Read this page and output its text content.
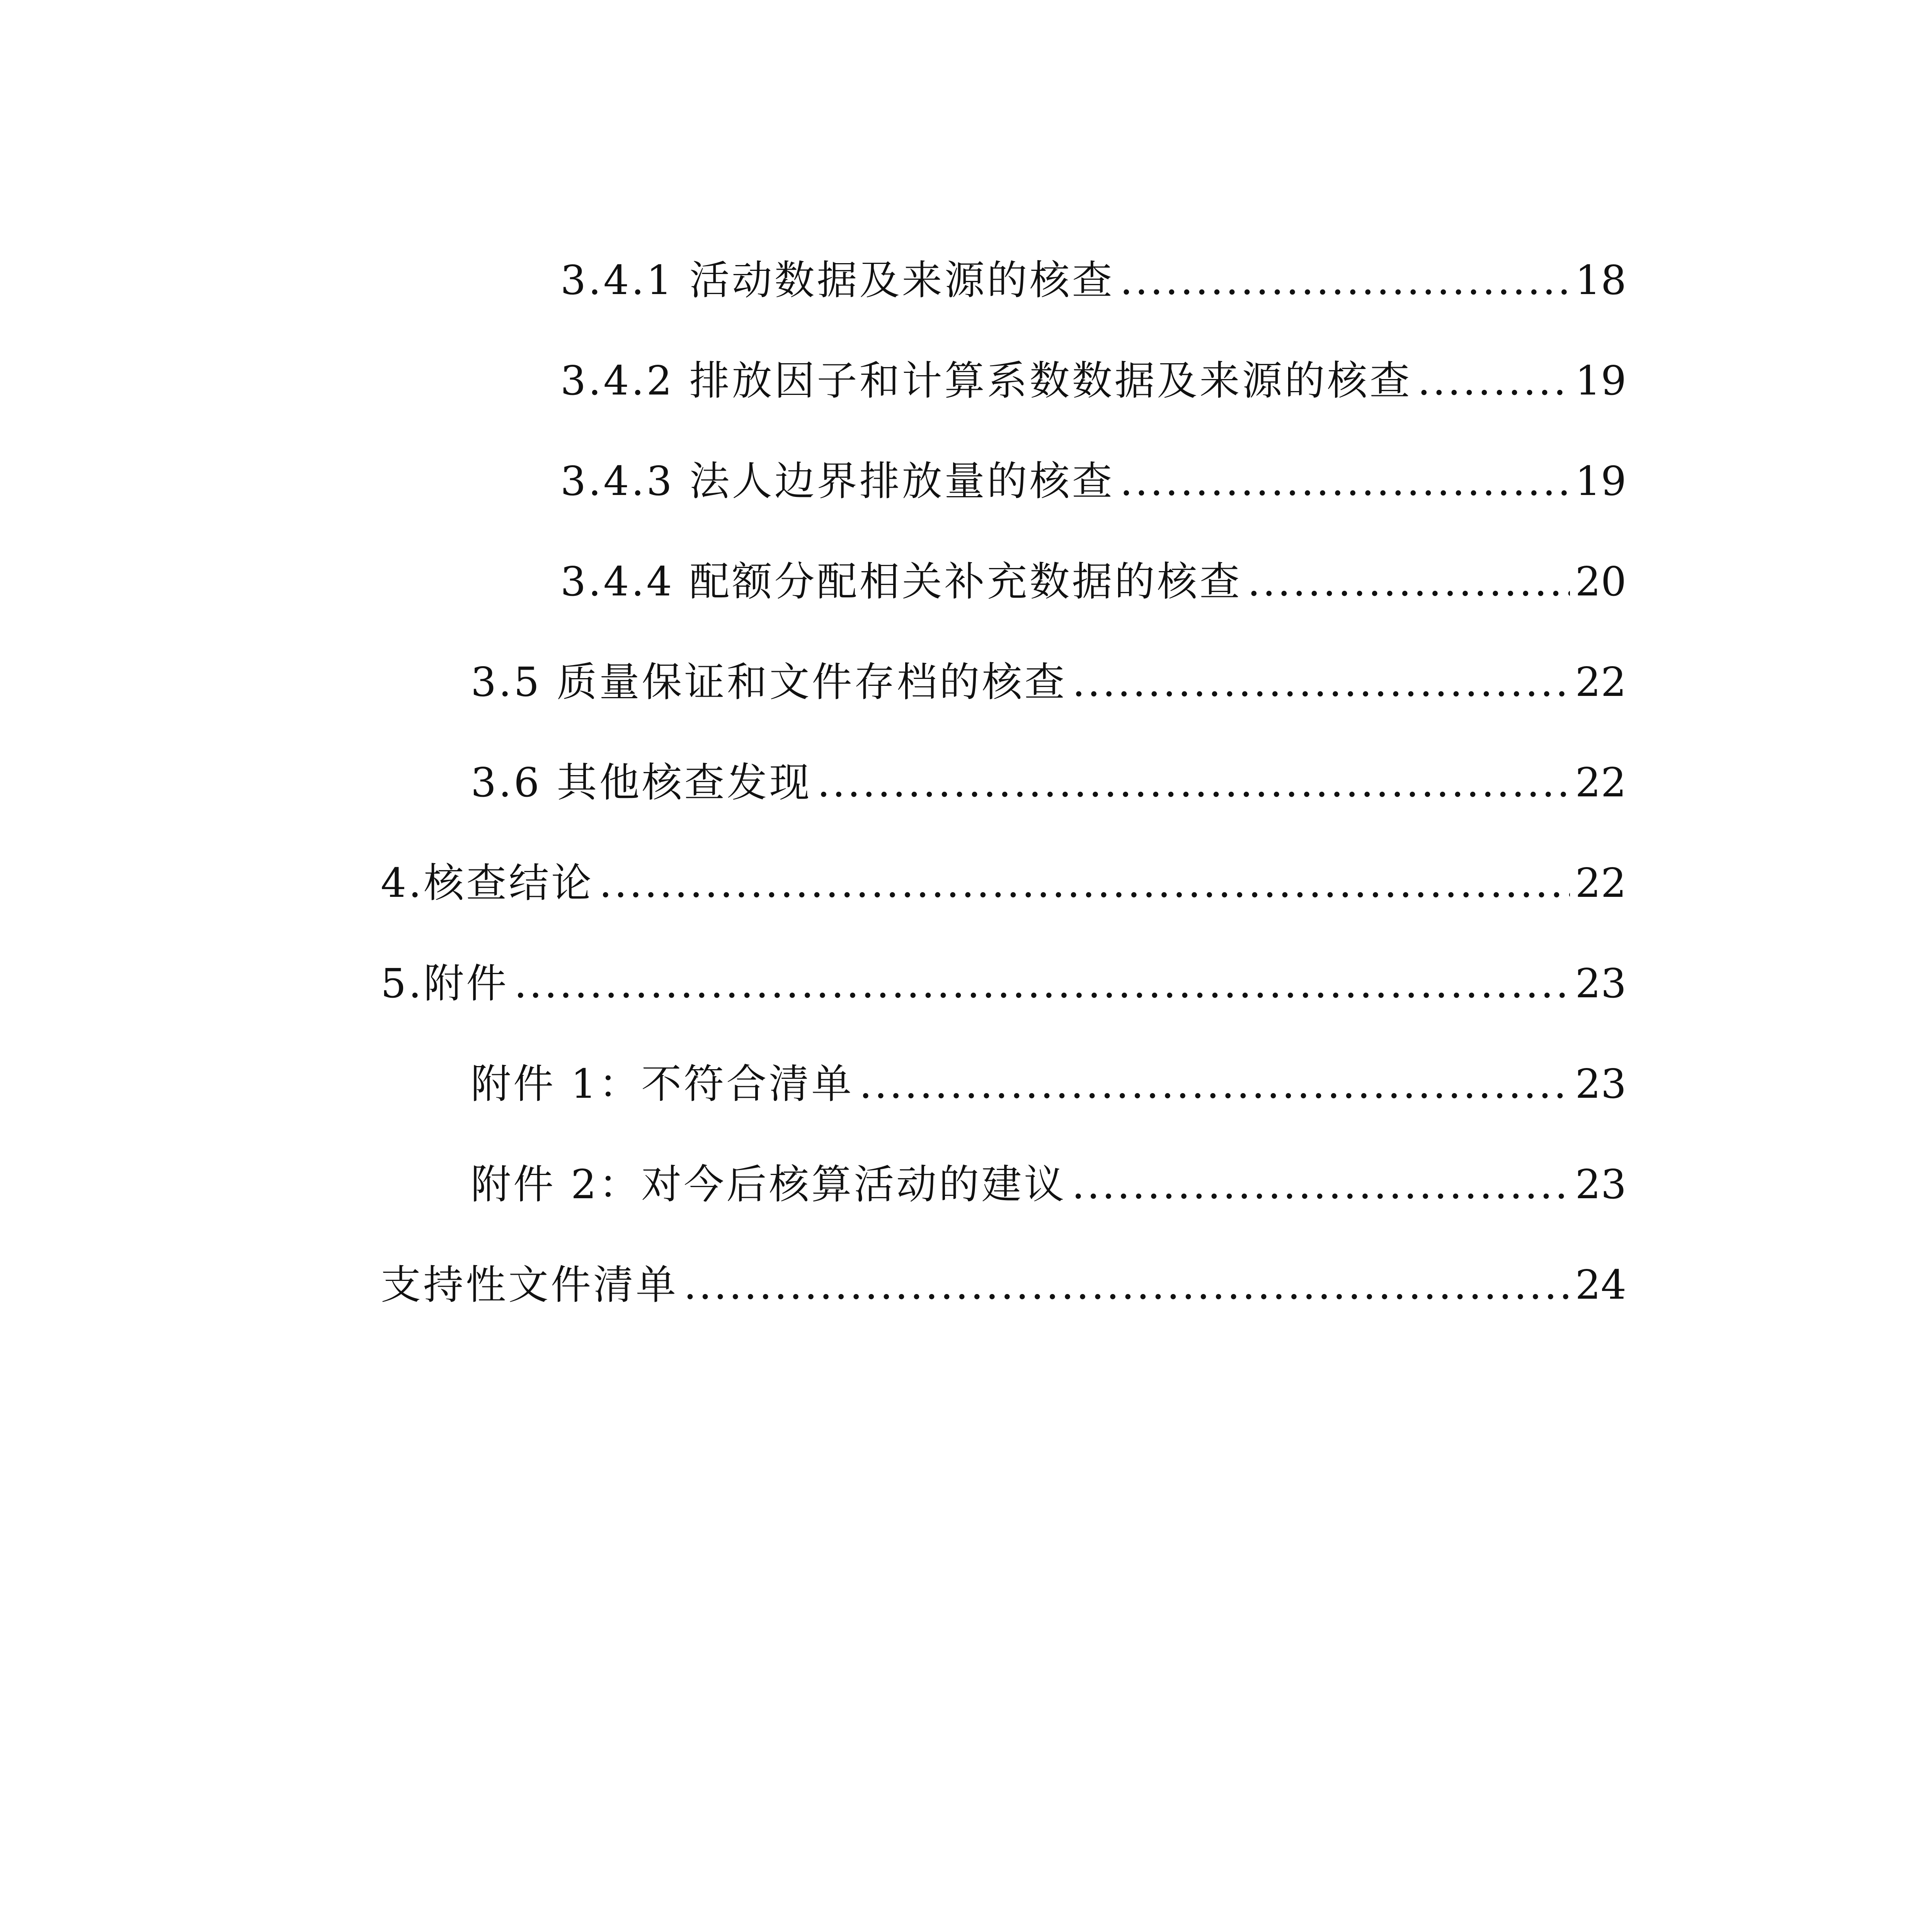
3.4.1 活动数据及来源的核查 .....	18
3.4.2 排放因子和计算系数数据及来源的核查 .....	19
3.4.3 法人边界排放量的核查 .....	19
3.4.4 配额分配相关补充数据的核查 .....	20
3.5 质量保证和文件存档的核查 .....	22
3.6 其他核查发现 .....	22
4.核查结论 .....	22
5.附件 .....	23
附件 1：不符合清单 .....	23
附件 2：对今后核算活动的建议 .....	23
支持性文件清单 .....	24
